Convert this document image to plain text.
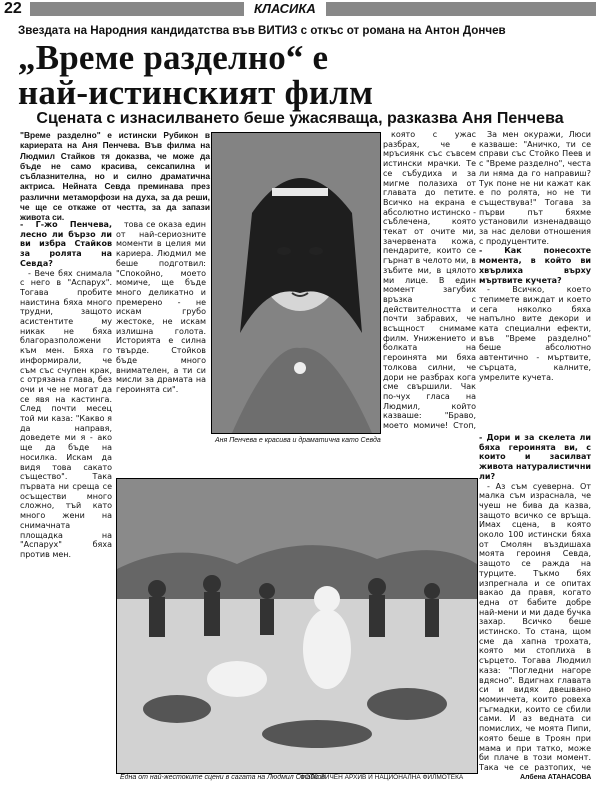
22	КЛАСИКА
Звездата на Народния кандидатства във ВИТИЗ с откъс от романа на Антон Дончев
„Време разделно“ е
най-истинският филм
Сцената с изнасилването беше ужасяваща, разказва Аня Пенчева
"Време разделно" е истински Рубикон в кариерата на Аня Пенчева. Във филма на Людмил Стайков тя доказва, че може да бъде не само красива, сексапилна и съблазнителна, но и силно драматична актриса. Нейната Севда преминава през различни метаморфози на духа, за да реши, че ще се откаже от честта, за да запази живота си.

- Г-жо Пенчева, лесно ли бързо ли ви избра Стайков за ролята на Севда?

- Вече бях снимала с него в "Аспарух". Тогава пробите наистина бяха много трудни, защото асистентите му никак не бяха благоразположени към мен. Бяха го информирали, че съм със счупен крак, с отрязана глава, без очи и че не могат да се явя на кастинга. След почти месец той ми каза: "Какво я да направя, доведете ми я - ако ще да бъде на носилка. Искам да видя това сакато същество". Така първата ни среща се осъществи много сложно, тъй като много жени на снимачната площадка на "Аспарух" бяха против мен.

това се оказа един от най-сериозните моменти в целия ми кариера. Людмил ме беше подготвил: "Спокойно, моето момиче, ще бъде много деликатно и премерено - не искам грубо жестоке, не искам излишна голота. Историята е силна твърде. Стойков бъде много внимателен, а ти си мисли за драмата на героинята си".

която с ужас разбрах, че е мръсиянк със съвсем истински мрачки. Те се събудиха и за мигме полазиха от главата до петите. Всичко на екрана е абсолютно истинско - съблечена, която текат от очите ми, зачервената кожа, пендарите, които се гърнат в челото ми, в зъбите ми, в цялото ми лице. В един момент загубих връзка с действителността и почти забравих, че всъщност снимаме филм. Унижението и болката на героинята ми бяха толкова силни, че дори не разбрах кога сме свършили. Чак по-чух гласа на Людмил, който казваше: "Браво, моето момиче! Стоп,

За мен окуражи, Люси казваше: "Аничко, ти се справи със Стойко Пеев и с "Време разделно", честа ли няма да го направиш? Тук поне не ни кажат как е по ролята, но не ти съществува!" Тогава за първи път бяхме установили изненадващо за нас делови отношения с продуцентите.

- Как понесохте моментa, в който ви хвърлиха върху мъртвите кучета?

- Всичко, което тепимете виждат и което сега няколко бяха напълно вите декори и ката специални ефекти, във "Време разделно" беше абсолютно автентично - мъртвите, сърцата, калните, умрелите кучета.

Аня Пенчева е красива и драматична като Севда	- Дори и за скелета ли бяха героинята ви, с които и засилват живота натуралистични ли?

- Аз съм суеверна. От малка съм израснала, че чуеш не бива да казва, защото всичко се връща. Имах сцена, в която около 100 истински бяха от Смолян въздишаха моята героиня Севда, защото се ражда на турците. Тъкмо бях изпрегнала и се опитах вакао да правя, когато една от бабите добре най-мени и ми даде бучка захар. Всичко беше истинско. То стана, щом сме да хапна трохата, която ми стоплиха в сърцето. Тогава Людмил каза: "Погледни нагоре вдясно". Вдигнах главата си и видях двешвано моминчета, които ровеха гъгмадки, които се сбили сами. И аз ведната си помислих, че моята Пипи, която беше в Троян при мама и при татко, може би плаче в този момент. Така че се разтопих, че

Една от най-жестоките сцени в сагата на Людмил Стайков
ФОТО ЛИЧЕН АРХИВ И НАЦИОНАЛНА ФИЛМОТЕКА	Албена АТАНАСОВА
